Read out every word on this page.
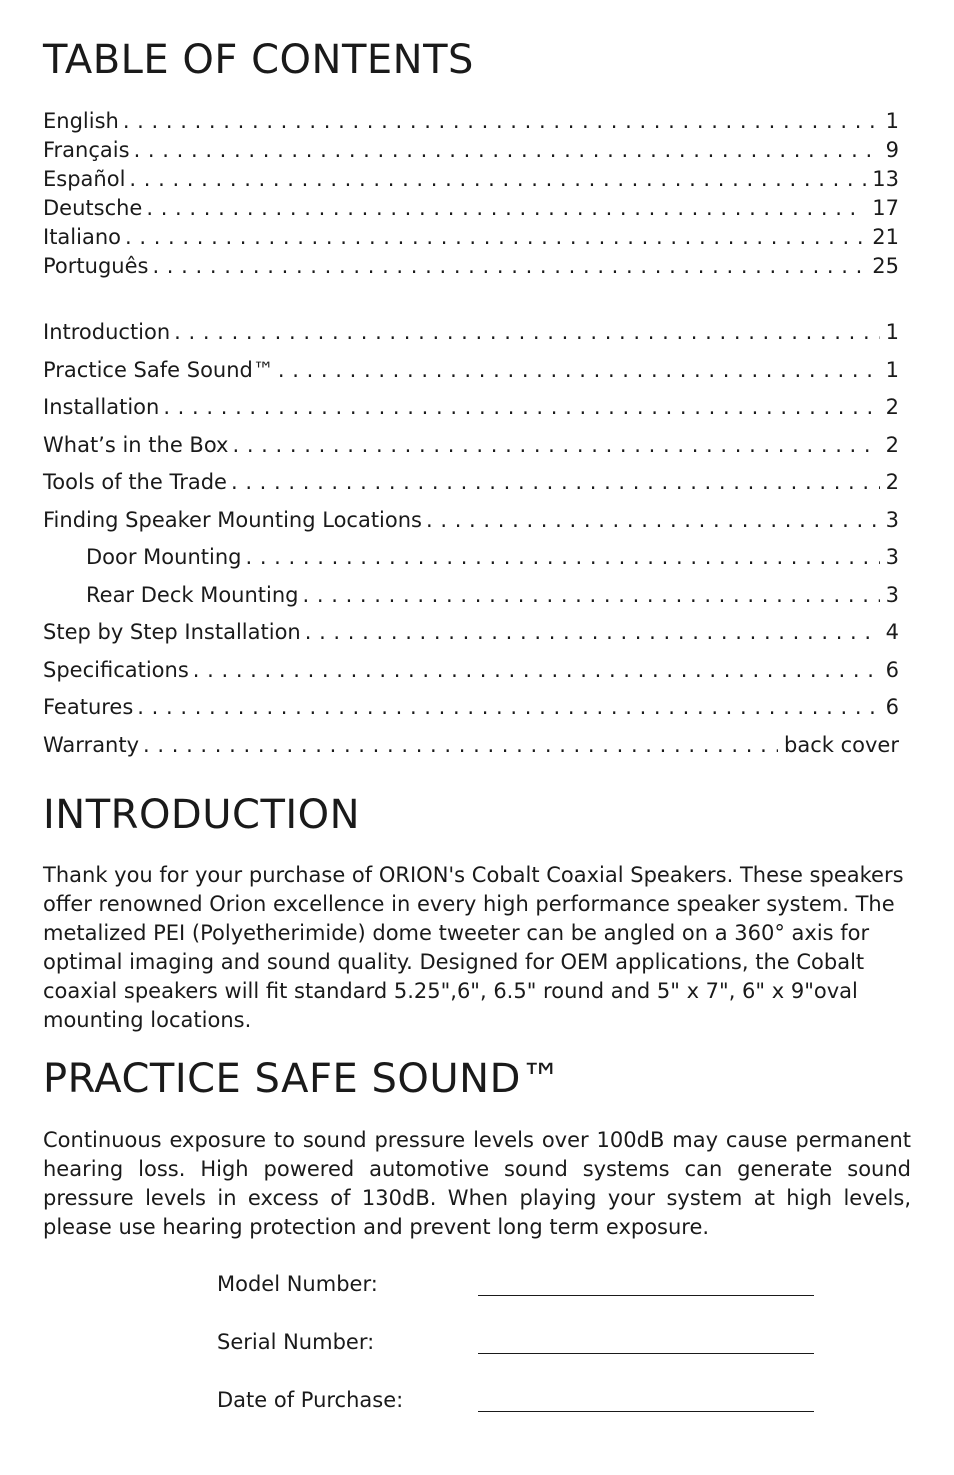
TABLE OF CONTENTS
English . . .	1
Français . . .	9
Español . . .	13
Deutsche . . .	17
Italiano . . .	21
Português . . .	25
Introduction . . .	1
Practice Safe Sound™ . . .	1
Installation . . .	2
What’s in the Box . . .	2
Tools of the Trade . . .	2
Finding Speaker Mounting Locations . . .	3
Door Mounting . . .	3
Rear Deck Mounting . . .	3
Step by Step Installation . . .	4
Specifications . . .	6
Features . . .	6
Warranty . . .	back cover
INTRODUCTION

Thank you for your purchase of ORION's Cobalt Coaxial Speakers. These speakers offer renowned Orion excellence in every high performance speaker system. The metalized PEI (Polyetherimide) dome tweeter can be angled on a 360° axis for optimal imaging and sound quality. Designed for OEM applications, the Cobalt coaxial speakers will fit standard 5.25",6", 6.5" round and 5" x 7", 6" x 9"oval mounting locations.

PRACTICE SAFE SOUND™

Continuous exposure to sound pressure levels over 100dB may cause permanent hearing loss. High powered automotive sound systems can generate sound pressure levels in excess of 130dB. When playing your system at high levels, please use hearing protection and prevent long term exposure.

Model Number:
Serial Number:
Date of Purchase:
